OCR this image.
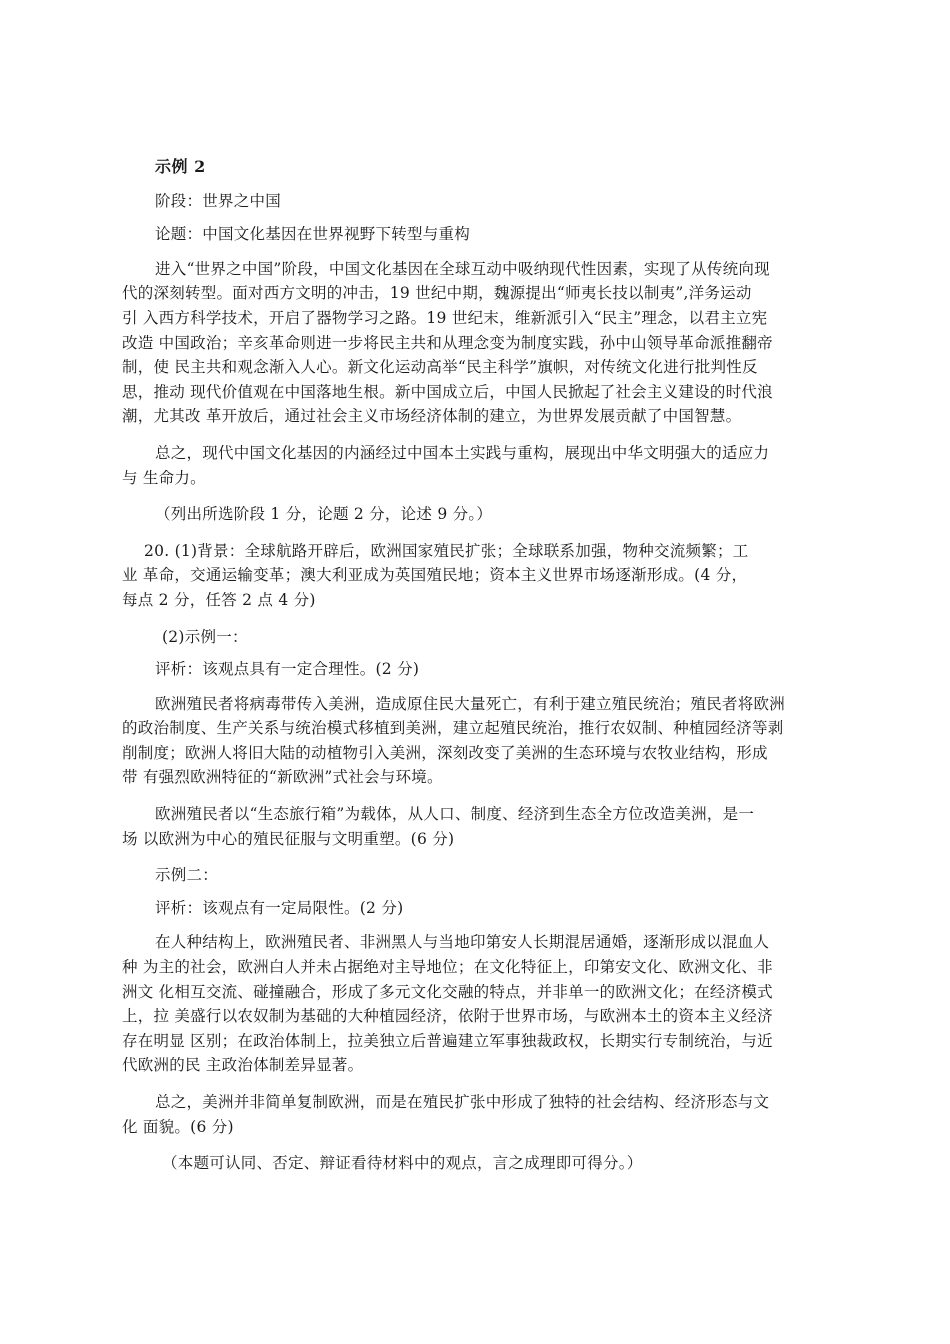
示例 2

阶段：世界之中国

论题：中国文化基因在世界视野下转型与重构

进入“世界之中国”阶段，中国文化基因在全球互动中吸纳现代性因素，实现了从传统向现
代的深刻转型。面对西方文明的冲击，19 世纪中期，魏源提出“师夷长技以制夷”,洋务运动
引 入西方科学技术，开启了器物学习之路。19 世纪末，维新派引入“民主”理念，以君主立宪
改造 中国政治；辛亥革命则进一步将民主共和从理念变为制度实践，孙中山领导革命派推翻帝
制，使 民主共和观念渐入人心。新文化运动高举“民主科学”旗帜，对传统文化进行批判性反
思，推动 现代价值观在中国落地生根。新中国成立后，中国人民掀起了社会主义建设的时代浪
潮，尤其改 革开放后，通过社会主义市场经济体制的建立，为世界发展贡献了中国智慧。
总之，现代中国文化基因的内涵经过中国本土实践与重构，展现出中华文明强大的适应力
与 生命力。

（列出所选阶段 1 分，论题 2 分，论述 9 分。）

20. (1)背景：全球航路开辟后，欧洲国家殖民扩张；全球联系加强，物种交流频繁；工
业 革命，交通运输变革；澳大利亚成为英国殖民地；资本主义世界市场逐渐形成。(4 分，
每点 2 分，任答 2 点 4 分)

(2)示例一：

评析：该观点具有一定合理性。(2 分)

欧洲殖民者将病毒带传入美洲，造成原住民大量死亡，有利于建立殖民统治；殖民者将欧洲
的政治制度、生产关系与统治模式移植到美洲，建立起殖民统治，推行农奴制、种植园经济等剥
削制度；欧洲人将旧大陆的动植物引入美洲，深刻改变了美洲的生态环境与农牧业结构，形成
带 有强烈欧洲特征的“新欧洲”式社会与环境。
欧洲殖民者以“生态旅行箱”为载体，从人口、制度、经济到生态全方位改造美洲，是一
场 以欧洲为中心的殖民征服与文明重塑。(6 分)

示例二：

评析：该观点有一定局限性。(2 分)

在人种结构上，欧洲殖民者、非洲黑人与当地印第安人长期混居通婚，逐渐形成以混血人
种 为主的社会，欧洲白人并未占据绝对主导地位；在文化特征上，印第安文化、欧洲文化、非
洲文 化相互交流、碰撞融合，形成了多元文化交融的特点，并非单一的欧洲文化；在经济模式
上，拉 美盛行以农奴制为基础的大种植园经济，依附于世界市场，与欧洲本土的资本主义经济
存在明显 区别；在政治体制上，拉美独立后普遍建立军事独裁政权，长期实行专制统治，与近
代欧洲的民 主政治体制差异显著。
总之，美洲并非简单复制欧洲，而是在殖民扩张中形成了独特的社会结构、经济形态与文
化 面貌。(6 分)

（本题可认同、否定、辩证看待材料中的观点，言之成理即可得分。）
